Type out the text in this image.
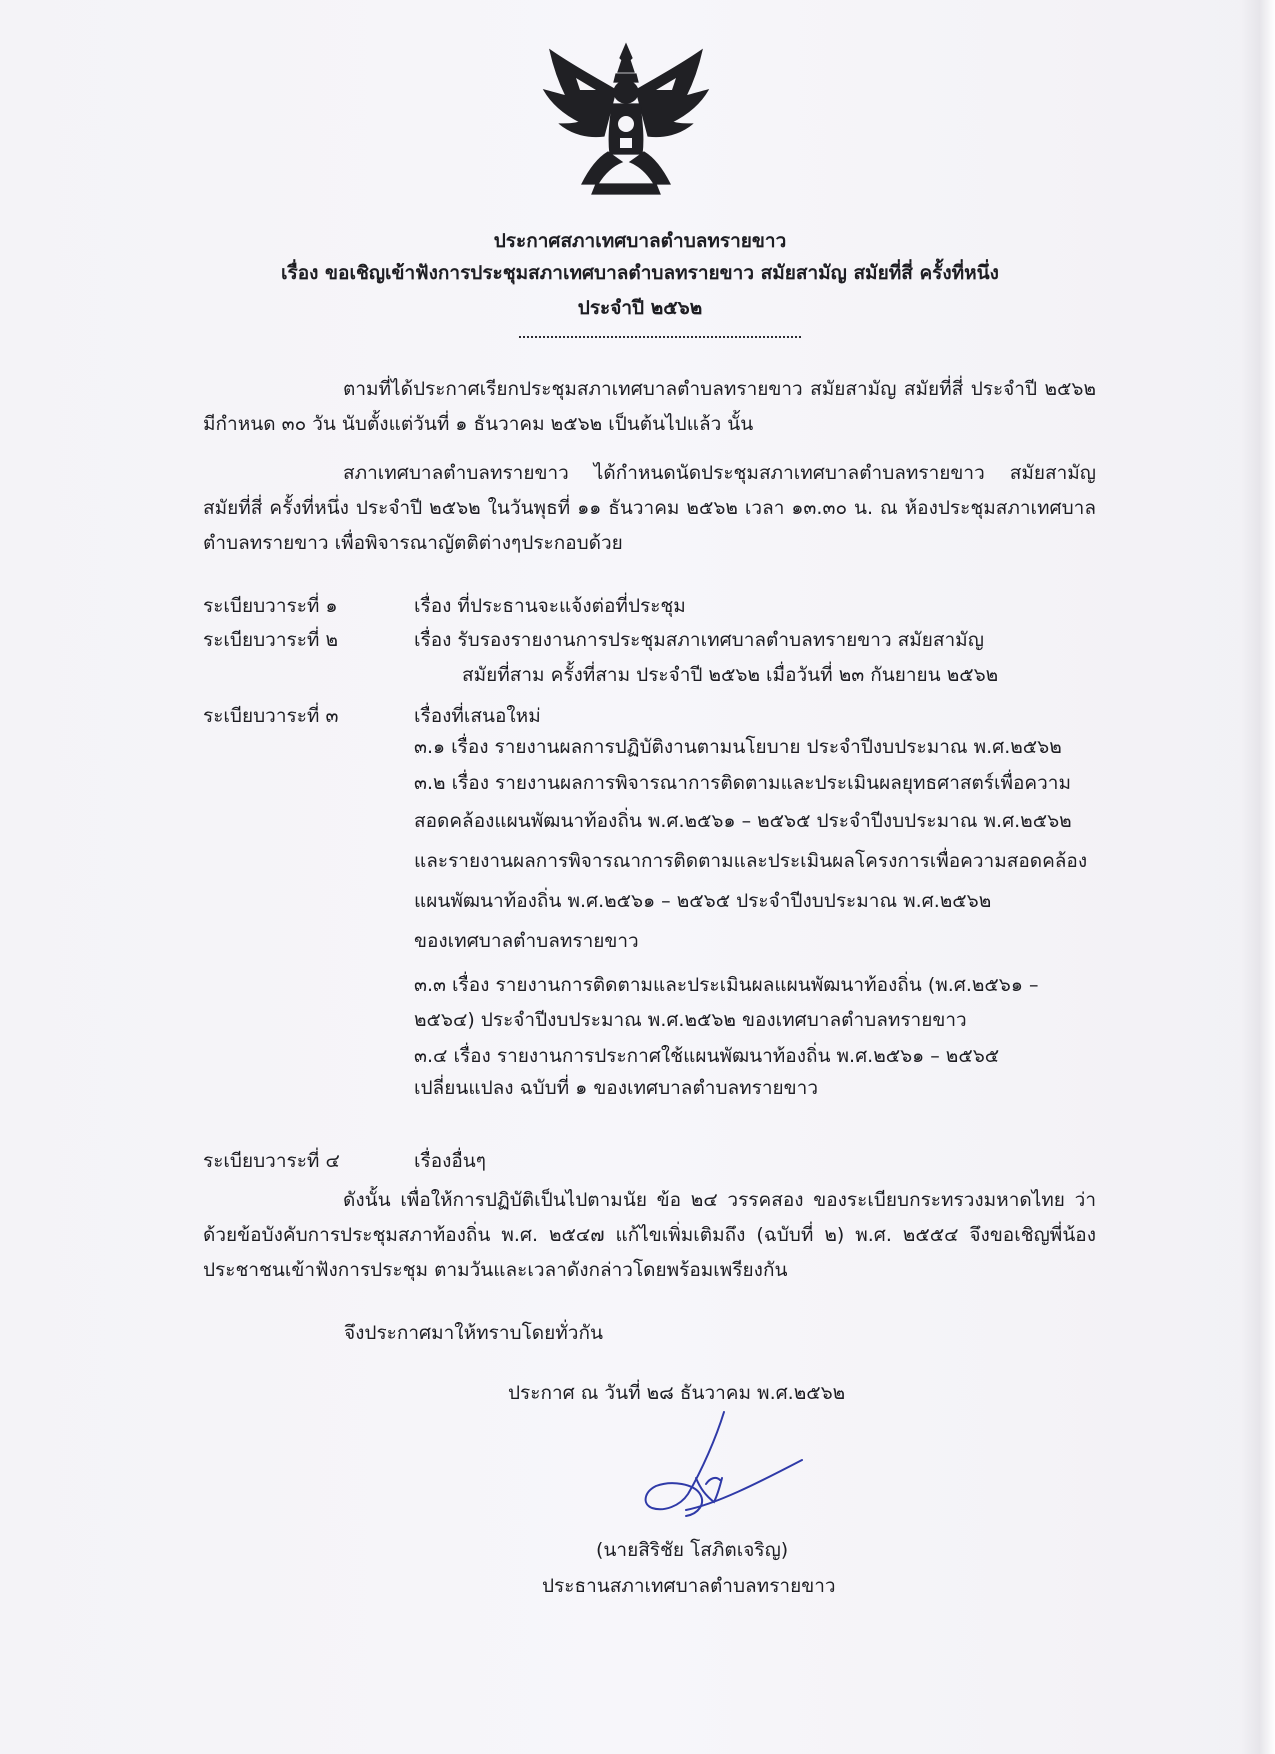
ประกาศสภาเทศบาลตำบลทรายขาว
เรื่อง ขอเชิญเข้าฟังการประชุมสภาเทศบาลตำบลทรายขาว สมัยสามัญ สมัยที่สี่ ครั้งที่หนึ่ง
ประจำปี ๒๕๖๒
ตามที่ได้ประกาศเรียกประชุมสภาเทศบาลตำบลทรายขาว สมัยสามัญ สมัยที่สี่ ประจำปี ๒๕๖๒ มีกำหนด ๓๐ วัน นับตั้งแต่วันที่ ๑ ธันวาคม ๒๕๖๒ เป็นต้นไปแล้ว นั้น
สภาเทศบาลตำบลทรายขาว ได้กำหนดนัดประชุมสภาเทศบาลตำบลทรายขาว สมัยสามัญ สมัยที่สี่ ครั้งที่หนึ่ง ประจำปี ๒๕๖๒ ในวันพุธที่ ๑๑ ธันวาคม ๒๕๖๒ เวลา ๑๓.๓๐ น. ณ ห้องประชุมสภาเทศบาลตำบลทรายขาว เพื่อพิจารณาญัตติต่างๆประกอบด้วย
ระเบียบวาระที่ ๑	เรื่อง ที่ประธานจะแจ้งต่อที่ประชุม
ระเบียบวาระที่ ๒	เรื่อง รับรองรายงานการประชุมสภาเทศบาลตำบลทรายขาว สมัยสามัญ
สมัยที่สาม ครั้งที่สาม ประจำปี ๒๕๖๒ เมื่อวันที่ ๒๓ กันยายน ๒๕๖๒
ระเบียบวาระที่ ๓	เรื่องที่เสนอใหม่
๓.๑ เรื่อง รายงานผลการปฏิบัติงานตามนโยบาย ประจำปีงบประมาณ พ.ศ.๒๕๖๒
๓.๒ เรื่อง รายงานผลการพิจารณาการติดตามและประเมินผลยุทธศาสตร์เพื่อความ
สอดคล้องแผนพัฒนาท้องถิ่น พ.ศ.๒๕๖๑ – ๒๕๖๕ ประจำปีงบประมาณ พ.ศ.๒๕๖๒
และรายงานผลการพิจารณาการติดตามและประเมินผลโครงการเพื่อความสอดคล้อง
แผนพัฒนาท้องถิ่น พ.ศ.๒๕๖๑ – ๒๕๖๕ ประจำปีงบประมาณ พ.ศ.๒๕๖๒
ของเทศบาลตำบลทรายขาว
๓.๓ เรื่อง รายงานการติดตามและประเมินผลแผนพัฒนาท้องถิ่น (พ.ศ.๒๕๖๑ –
๒๕๖๔) ประจำปีงบประมาณ พ.ศ.๒๕๖๒ ของเทศบาลตำบลทรายขาว
๓.๔ เรื่อง รายงานการประกาศใช้แผนพัฒนาท้องถิ่น พ.ศ.๒๕๖๑ – ๒๕๖๕
เปลี่ยนแปลง ฉบับที่ ๑ ของเทศบาลตำบลทรายขาว
ระเบียบวาระที่ ๔	เรื่องอื่นๆ
ดังนั้น เพื่อให้การปฏิบัติเป็นไปตามนัย ข้อ ๒๔ วรรคสอง ของระเบียบกระทรวงมหาดไทย ว่าด้วยข้อบังคับการประชุมสภาท้องถิ่น พ.ศ. ๒๕๔๗ แก้ไขเพิ่มเติมถึง (ฉบับที่ ๒) พ.ศ. ๒๕๕๔ จึงขอเชิญพี่น้องประชาชนเข้าฟังการประชุม ตามวันและเวลาดังกล่าวโดยพร้อมเพรียงกัน
จึงประกาศมาให้ทราบโดยทั่วกัน
ประกาศ ณ วันที่ ๒๘ ธันวาคม พ.ศ.๒๕๖๒
(นายสิริชัย โสภิตเจริญ)
ประธานสภาเทศบาลตำบลทรายขาว
